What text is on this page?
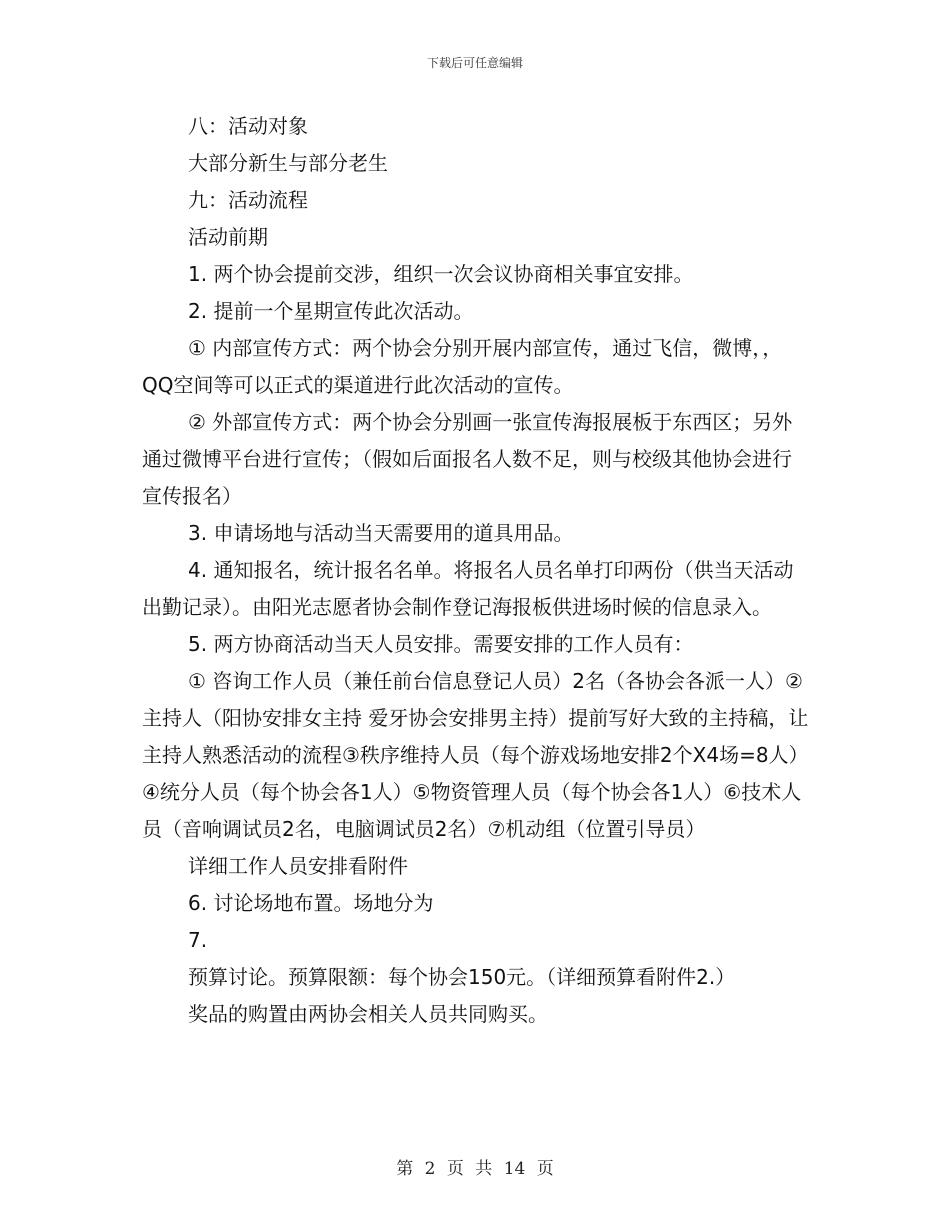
下载后可任意编辑

八：活动对象

大部分新生与部分老生

九：活动流程

活动前期

1. 两个协会提前交涉，组织一次会议协商相关事宜安排。

2. 提前一个星期宣传此次活动。

① 内部宣传方式：两个协会分别开展内部宣传，通过飞信，微博，，QQ空间等可以正式的渠道进行此次活动的宣传。

② 外部宣传方式：两个协会分别画一张宣传海报展板于东西区；另外通过微博平台进行宣传；（假如后面报名人数不足，则与校级其他协会进行宣传报名）

3. 申请场地与活动当天需要用的道具用品。

4. 通知报名，统计报名名单。将报名人员名单打印两份（供当天活动出勤记录）。由阳光志愿者协会制作登记海报板供进场时候的信息录入。

5. 两方协商活动当天人员安排。需要安排的工作人员有：

① 咨询工作人员（兼任前台信息登记人员）2名（各协会各派一人）②主持人（阳协安排女主持 爱牙协会安排男主持）提前写好大致的主持稿，让主持人熟悉活动的流程③秩序维持人员（每个游戏场地安排2个X4场=8人）④统分人员（每个协会各1人）⑤物资管理人员（每个协会各1人）⑥技术人员（音响调试员2名，电脑调试员2名）⑦机动组（位置引导员）

详细工作人员安排看附件

6. 讨论场地布置。场地分为

7.

预算讨论。预算限额：每个协会150元。（详细预算看附件2.）

奖品的购置由两协会相关人员共同购买。

第 2 页 共 14 页
